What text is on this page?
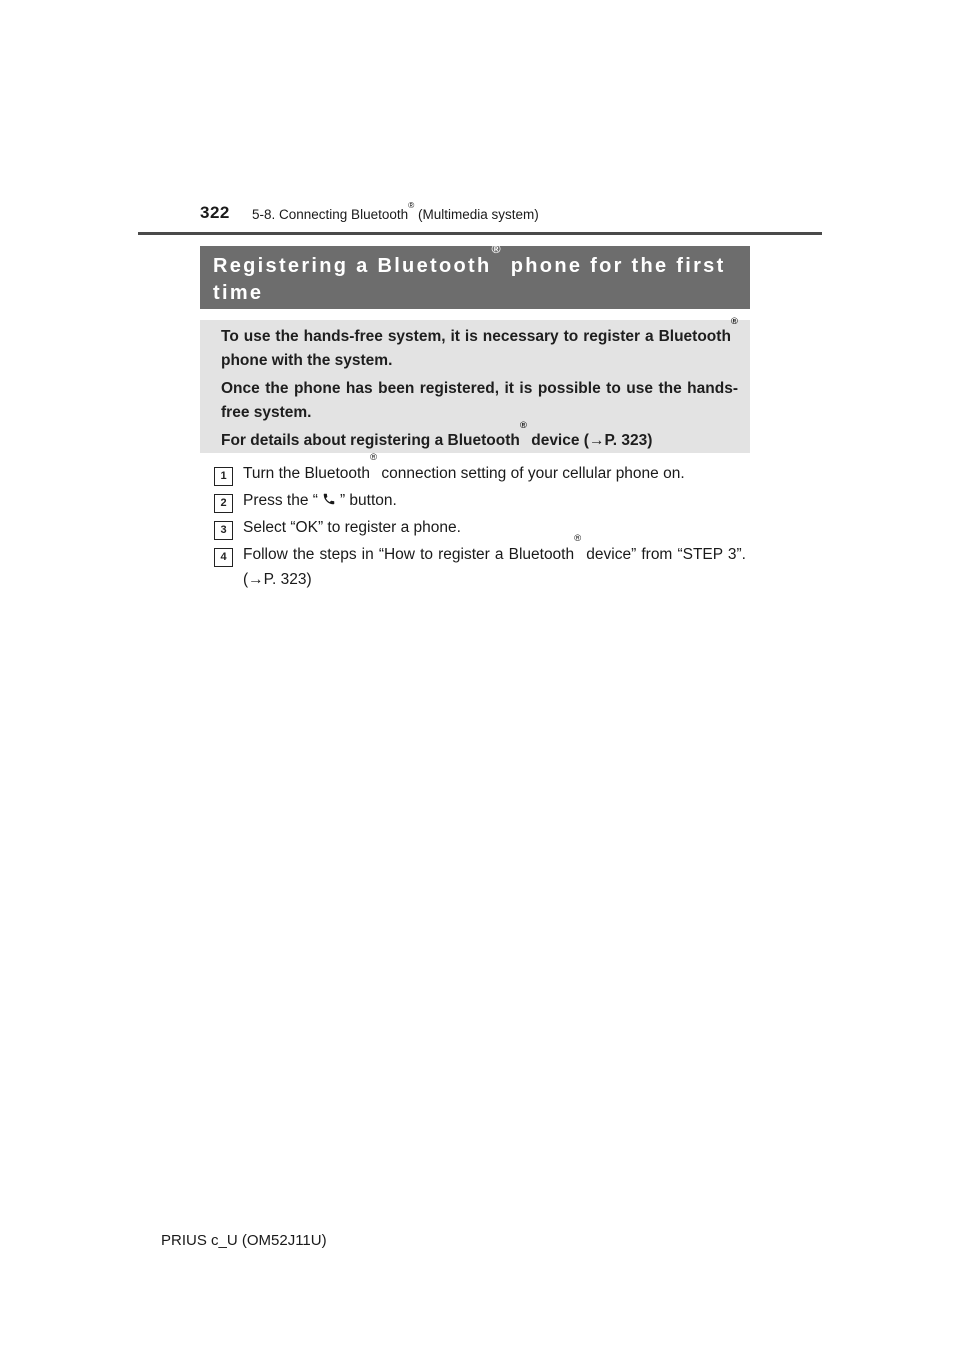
322 5-8. Connecting Bluetooth® (Multimedia system)
Registering a Bluetooth® phone for the first time

To use the hands-free system, it is necessary to register a Bluetooth® phone with the system.

Once the phone has been registered, it is possible to use the hands-free system.

For details about registering a Bluetooth® device (→P. 323)

1	Turn the Bluetooth® connection setting of your cellular phone on.
2	Press the “ ” button.
3	Select “OK” to register a phone.
4	Follow the steps in “How to register a Bluetooth® device” from “STEP 3”. (→P. 323)
PRIUS c_U (OM52J11U)
